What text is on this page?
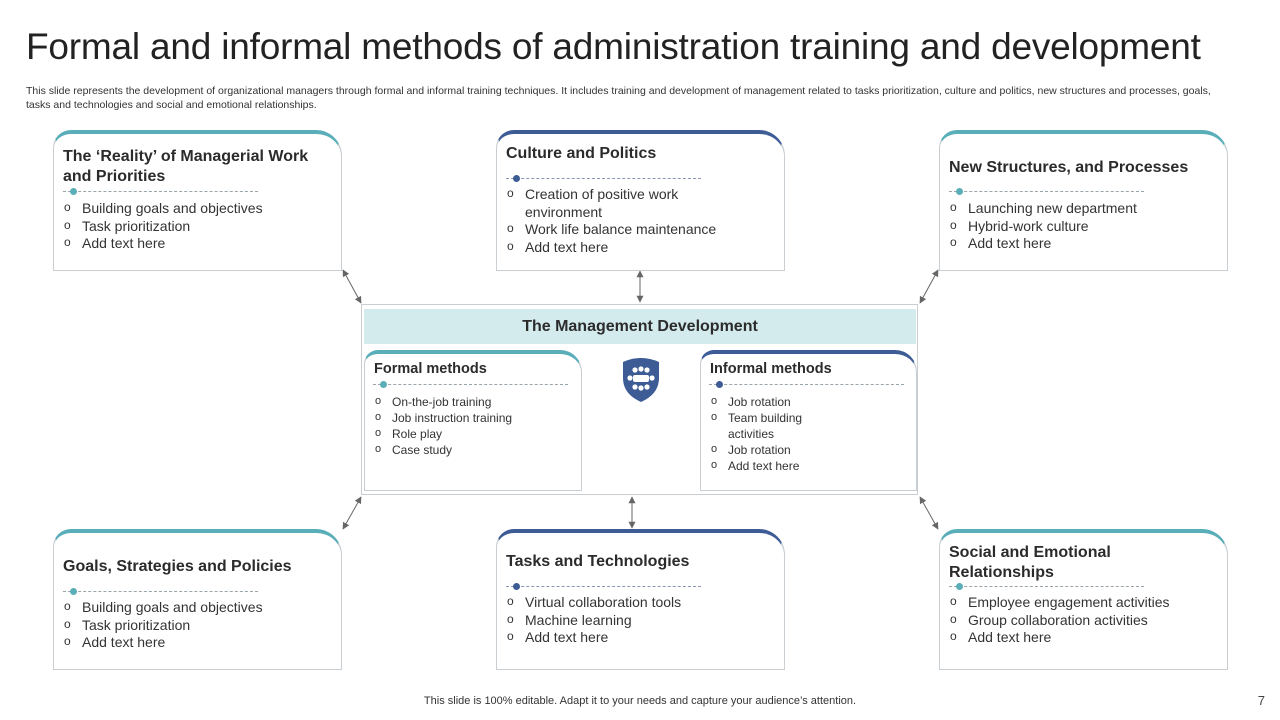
Formal and informal methods of administration training and development
This slide represents the development of organizational managers through formal and informal training techniques. It includes training and development of management related to tasks prioritization, culture and politics, new structures and processes, goals, tasks and technologies and social and emotional relationships.
The ‘Reality’ of Managerial Work and Priorities
o Building goals and objectives
o Task prioritization
o Add text here
Culture and Politics
o Creation of positive work environment
o Work life balance maintenance
o Add text here
New Structures, and Processes
o Launching new department
o Hybrid-work culture
o Add text here
The Management Development
Formal methods
o On-the-job training
o Job instruction training
o Role play
o Case study
Informal methods
o Job rotation
o Team building activities
o Job rotation
o Add text here
Goals, Strategies and Policies
o Building goals and objectives
o Task prioritization
o Add text here
Tasks and Technologies
o Virtual collaboration tools
o Machine learning
o Add text here
Social and Emotional Relationships
o Employee engagement activities
o Group collaboration activities
o Add text here
This slide is 100% editable. Adapt it to your needs and capture your audience’s attention.	7
